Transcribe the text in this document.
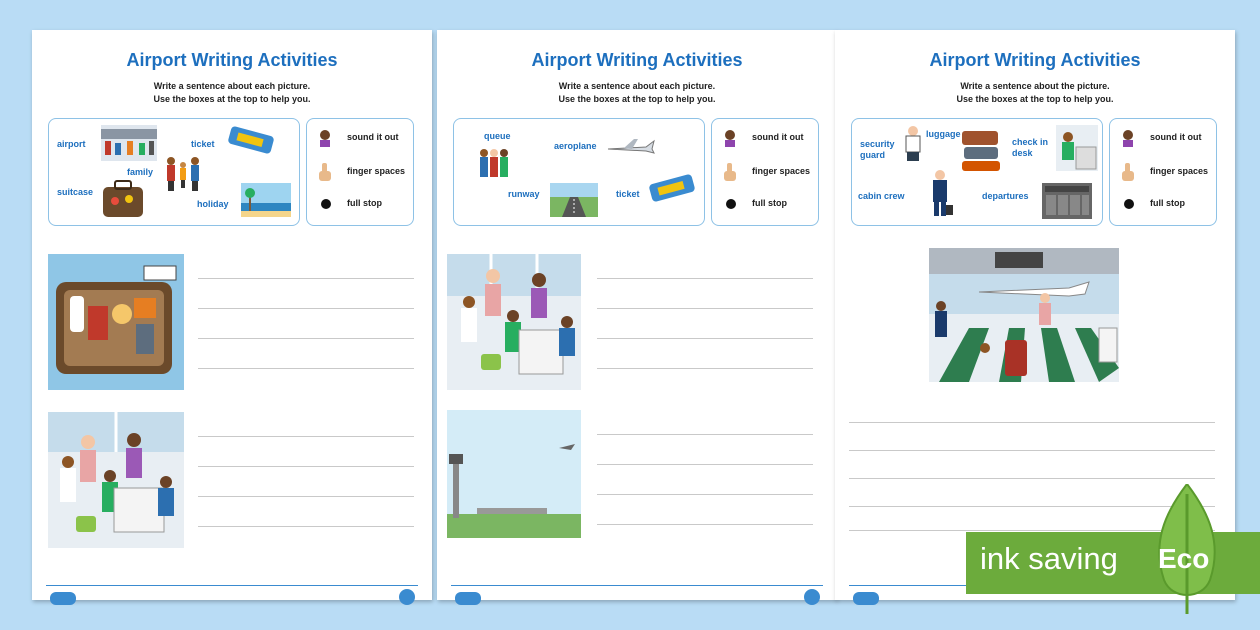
Airport Writing Activities
Write a sentence about each picture.
Use the boxes at the top to help you.
airport	ticket
family
suitcase
holiday
sound it out
finger spaces
full stop
Airport Writing Activities
Write a sentence about each picture.
Use the boxes at the top to help you.
queue
aeroplane
runway	ticket
sound it out
finger spaces
full stop
Airport Writing Activities
Write a sentence about the picture.
Use the boxes at the top to help you.
security guard
luggage
check in desk
cabin crew	departures
sound it out
finger spaces
full stop
ink saving Eco
